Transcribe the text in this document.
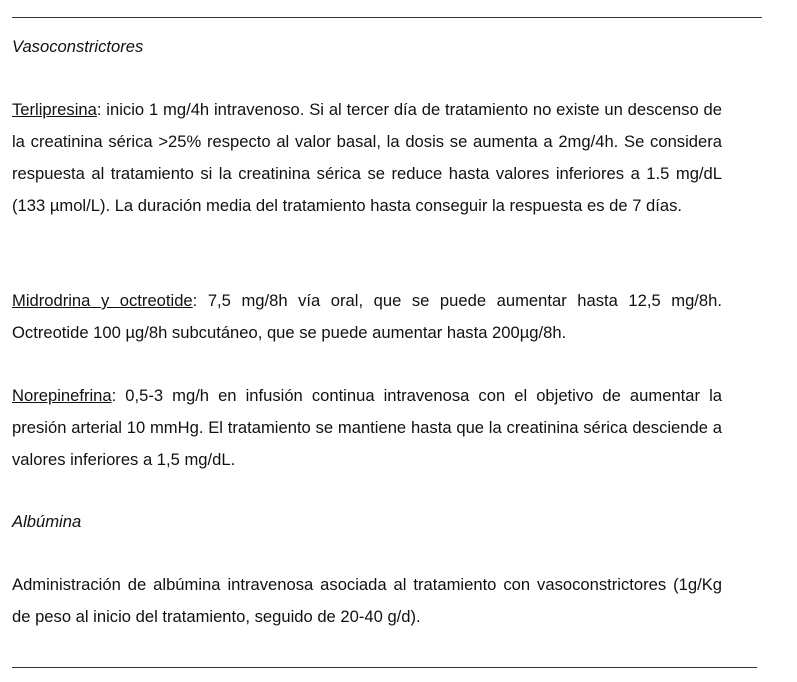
Vasoconstrictores

Terlipresina: inicio 1 mg/4h intravenoso. Si al tercer día de tratamiento no existe un descenso de la creatinina sérica >25% respecto al valor basal, la dosis se aumenta a 2mg/4h. Se considera respuesta al tratamiento si la creatinina sérica se reduce hasta valores inferiores a 1.5 mg/dL (133 µmol/L). La duración media del tratamiento hasta conseguir la respuesta es de 7 días.

Midrodrina y octreotide: 7,5 mg/8h vía oral, que se puede aumentar hasta 12,5 mg/8h. Octreotide 100 µg/8h subcutáneo, que se puede aumentar hasta 200µg/8h.

Norepinefrina: 0,5-3 mg/h en infusión continua intravenosa con el objetivo de aumentar la presión arterial 10 mmHg. El tratamiento se mantiene hasta que la creatinina sérica desciende a valores inferiores a 1,5 mg/dL.

Albúmina

Administración de albúmina intravenosa asociada al tratamiento con vasoconstrictores (1g/Kg de peso al inicio del tratamiento, seguido de 20-40 g/d).
